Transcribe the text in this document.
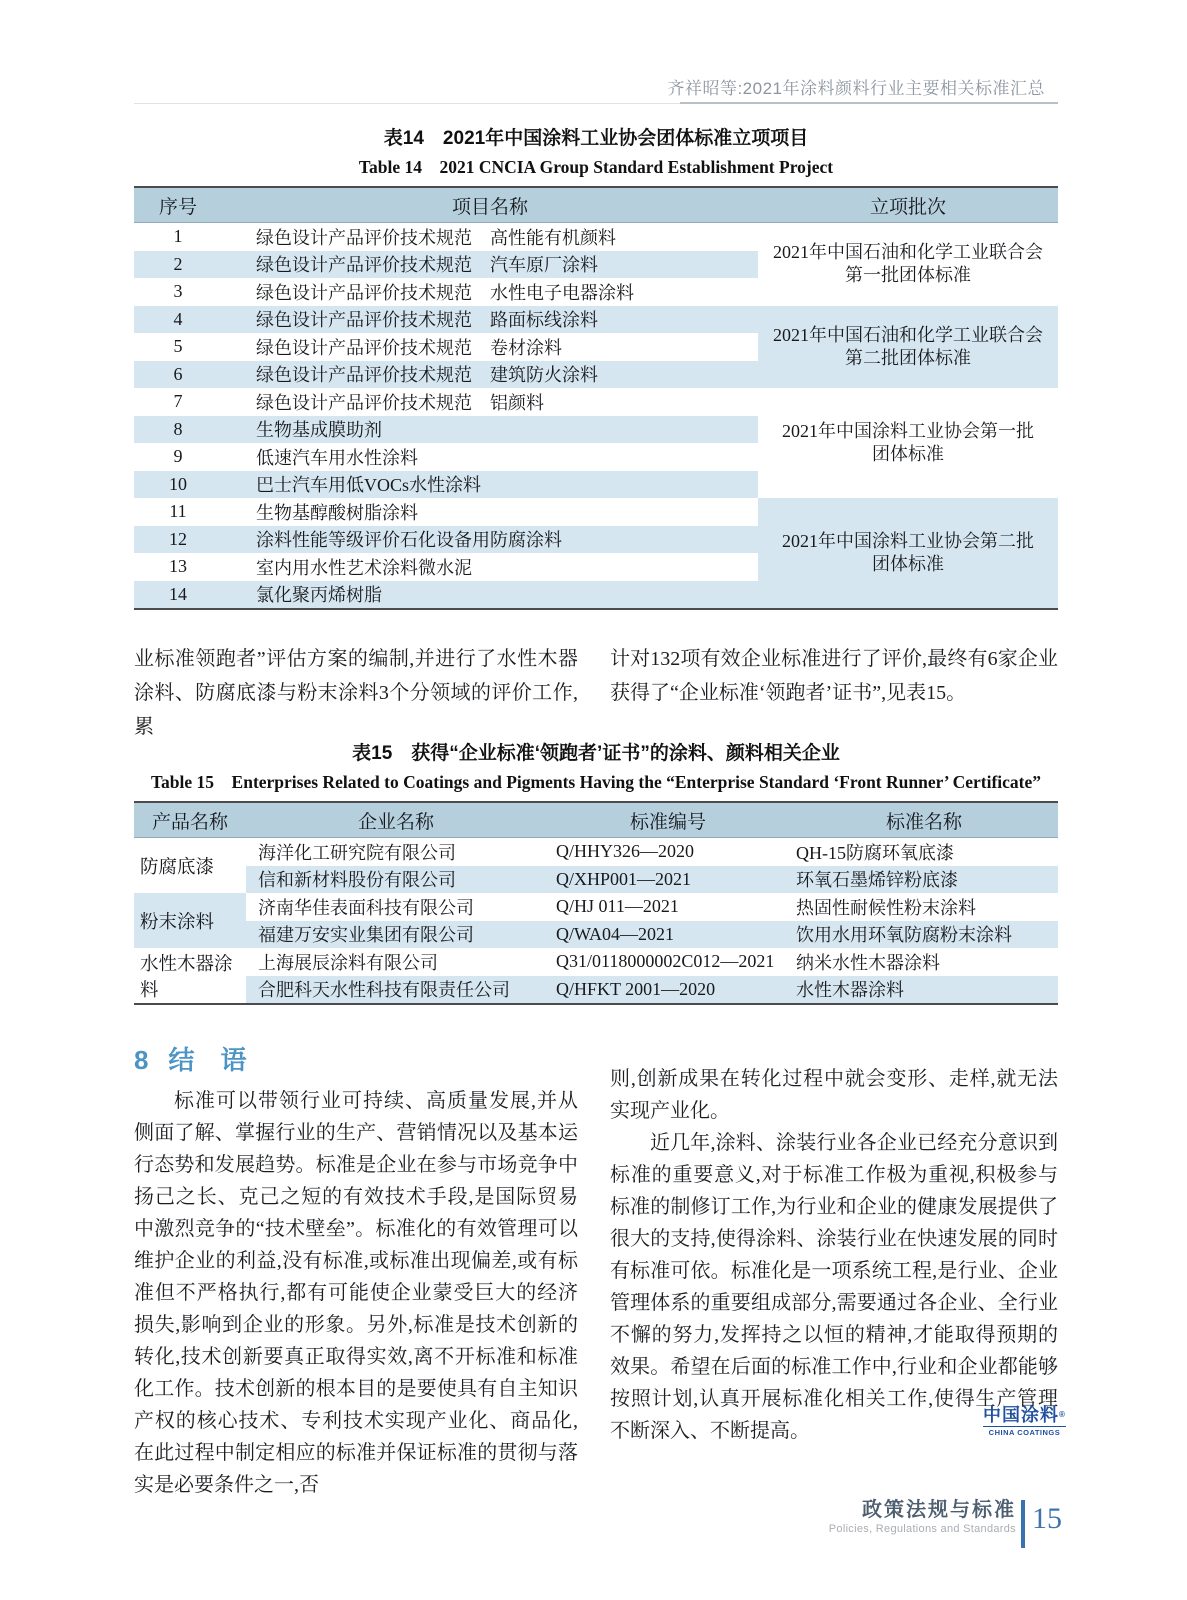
齐祥昭等:2021年涂料颜料行业主要相关标准汇总
表14　2021年中国涂料工业协会团体标准立项项目
Table 14　2021 CNCIA Group Standard Establishment Project
序号	项目名称	立项批次
1	绿色设计产品评价技术规范　高性能有机颜料	2021年中国石油和化学工业联合会
第一批团体标准

2	绿色设计产品评价技术规范　汽车原厂涂料	
3	绿色设计产品评价技术规范　水性电子电器涂料	
4	绿色设计产品评价技术规范　路面标线涂料	2021年中国石油和化学工业联合会
第二批团体标准

5	绿色设计产品评价技术规范　卷材涂料	
6	绿色设计产品评价技术规范　建筑防火涂料	
7	绿色设计产品评价技术规范　铝颜料	2021年中国涂料工业协会第一批
团体标准

8	生物基成膜助剂	
9	低速汽车用水性涂料	
10	巴士汽车用低VOCs水性涂料	
11	生物基醇酸树脂涂料	2021年中国涂料工业协会第二批
团体标准

12	涂料性能等级评价石化设备用防腐涂料	
13	室内用水性艺术涂料微水泥	
14	氯化聚丙烯树脂	
业标准领跑者”评估方案的编制,并进行了水性木器涂料、防腐底漆与粉末涂料3个分领域的评价工作,累
计对132项有效企业标准进行了评价,最终有6家企业获得了“企业标准‘领跑者’证书”,见表15。
表15　获得“企业标准‘领跑者’证书”的涂料、颜料相关企业
Table 15　Enterprises Related to Coatings and Pigments Having the “Enterprise Standard ‘Front Runner’ Certificate”
产品名称	企业名称	标准编号	标准名称
防腐底漆	海洋化工研究院有限公司	Q/HHY326—2020	QH-15防腐环氧底漆
	信和新材料股份有限公司	Q/XHP001—2021	环氧石墨烯锌粉底漆
粉末涂料	济南华佳表面科技有限公司	Q/HJ 011—2021	热固性耐候性粉末涂料
	福建万安实业集团有限公司	Q/WA04—2021	饮用水用环氧防腐粉末涂料
水性木器涂料	上海展辰涂料有限公司	Q31/0118000002C012—2021	纳米水性木器涂料
	合肥科天水性科技有限责任公司	Q/HFKT 2001—2020	水性木器涂料
8 结　语
标准可以带领行业可持续、高质量发展,并从侧面了解、掌握行业的生产、营销情况以及基本运行态势和发展趋势。标准是企业在参与市场竞争中扬己之长、克己之短的有效技术手段,是国际贸易中激烈竞争的“技术壁垒”。标准化的有效管理可以维护企业的利益,没有标准,或标准出现偏差,或有标准但不严格执行,都有可能使企业蒙受巨大的经济损失,影响到企业的形象。另外,标准是技术创新的转化,技术创新要真正取得实效,离不开标准和标准化工作。技术创新的根本目的是要使具有自主知识产权的核心技术、专利技术实现产业化、商品化,在此过程中制定相应的标准并保证标准的贯彻与落实是必要条件之一,否

则,创新成果在转化过程中就会变形、走样,就无法实现产业化。

近几年,涂料、涂装行业各企业已经充分意识到标准的重要意义,对于标准工作极为重视,积极参与标准的制修订工作,为行业和企业的健康发展提供了很大的支持,使得涂料、涂装行业在快速发展的同时有标准可依。标准化是一项系统工程,是行业、企业管理体系的重要组成部分,需要通过各企业、全行业不懈的努力,发挥持之以恒的精神,才能取得预期的效果。希望在后面的标准工作中,行业和企业都能够按照计划,认真开展标准化相关工作,使得生产管理不断深入、不断提高。

中国涂料®
CHINA COATINGS
政策法规与标准
Policies, Regulations and Standards 15
